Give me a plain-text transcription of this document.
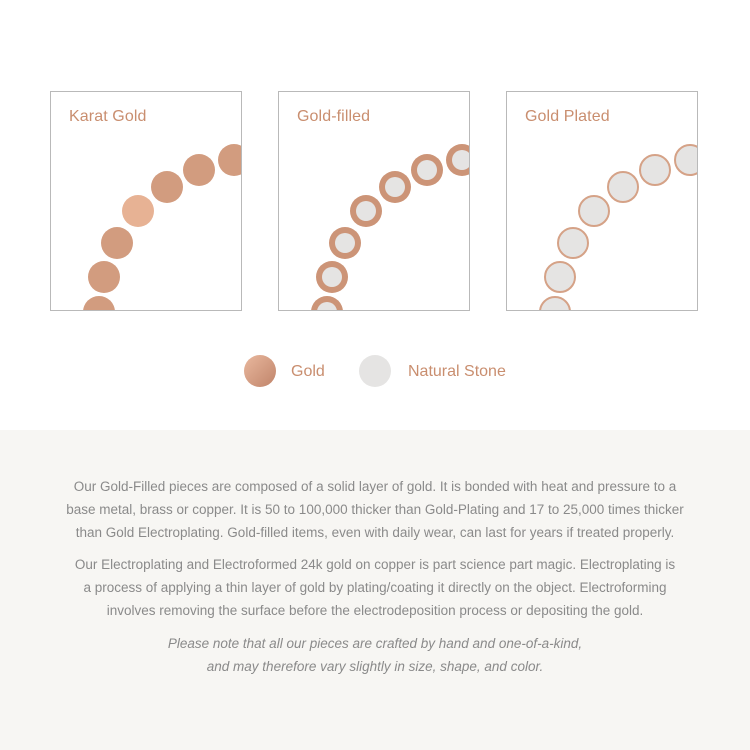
Karat Gold	Gold-filled	Gold Plated
Gold	Natural Stone

Our Gold-Filled pieces are composed of a solid layer of gold. It is bonded with heat and pressure to a
base metal, brass or copper. It is 50 to 100,000 thicker than Gold-Plating and 17 to 25,000 times thicker
than Gold Electroplating. Gold-filled items, even with daily wear, can last for years if treated properly.

Our Electroplating and Electroformed 24k gold on copper is part science part magic. Electroplating is
a process of applying a thin layer of gold by plating/coating it directly on the object. Electroforming
involves removing the surface before the electrodeposition process or depositing the gold.

Please note that all our pieces are crafted by hand and one-of-a-kind,
and may therefore vary slightly in size, shape, and color.
